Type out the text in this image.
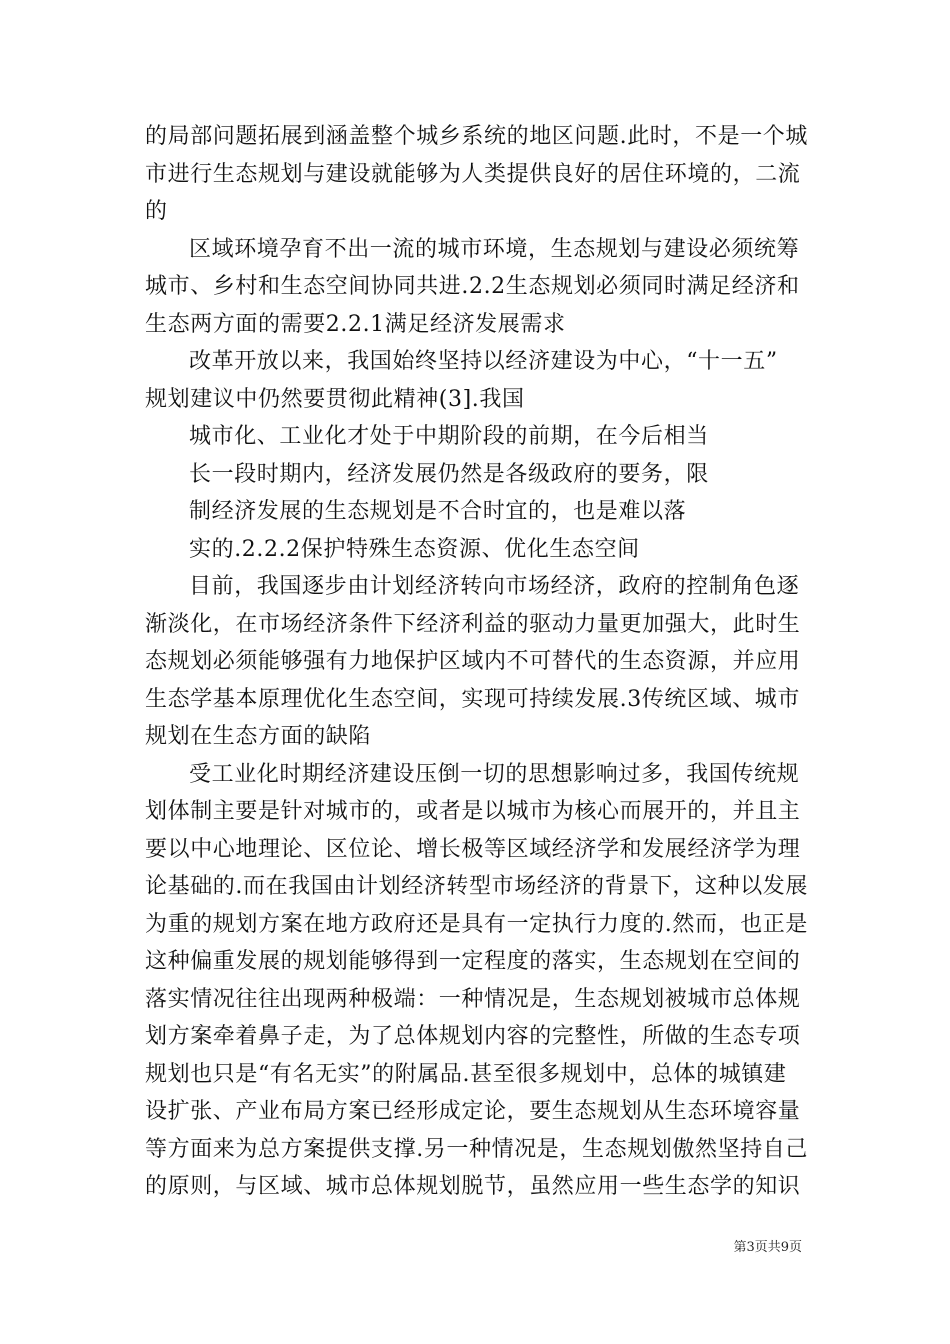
的局部问题拓展到涵盖整个城乡系统的地区问题.此时，不是一个城
市进行生态规划与建设就能够为人类提供良好的居住环境的，二流
的
区域环境孕育不出一流的城市环境，生态规划与建设必须统筹
城市、乡村和生态空间协同共进.2.2生态规划必须同时满足经济和
生态两方面的需要2.2.1满足经济发展需求
改革开放以来，我国始终坚持以经济建设为中心，“十一五”
规划建议中仍然要贯彻此精神(3].我国
城市化、工业化才处于中期阶段的前期，在今后相当
长一段时期内，经济发展仍然是各级政府的要务，限
制经济发展的生态规划是不合时宜的，也是难以落
实的.2.2.2保护特殊生态资源、优化生态空间
目前，我国逐步由计划经济转向市场经济，政府的控制角色逐
渐淡化，在市场经济条件下经济利益的驱动力量更加强大，此时生
态规划必须能够强有力地保护区域内不可替代的生态资源，并应用
生态学基本原理优化生态空间，实现可持续发展.3传统区域、城市
规划在生态方面的缺陷
受工业化时期经济建设压倒一切的思想影响过多，我国传统规
划体制主要是针对城市的，或者是以城市为核心而展开的，并且主
要以中心地理论、区位论、增长极等区域经济学和发展经济学为理
论基础的.而在我国由计划经济转型市场经济的背景下，这种以发展
为重的规划方案在地方政府还是具有一定执行力度的.然而，也正是
这种偏重发展的规划能够得到一定程度的落实，生态规划在空间的
落实情况往往出现两种极端：一种情况是，生态规划被城市总体规
划方案牵着鼻子走，为了总体规划内容的完整性，所做的生态专项
规划也只是“有名无实”的附属品.甚至很多规划中，总体的城镇建
设扩张、产业布局方案已经形成定论，要生态规划从生态环境容量
等方面来为总方案提供支撑.另一种情况是，生态规划傲然坚持自己
的原则，与区域、城市总体规划脱节，虽然应用一些生态学的知识
第3页共9页
